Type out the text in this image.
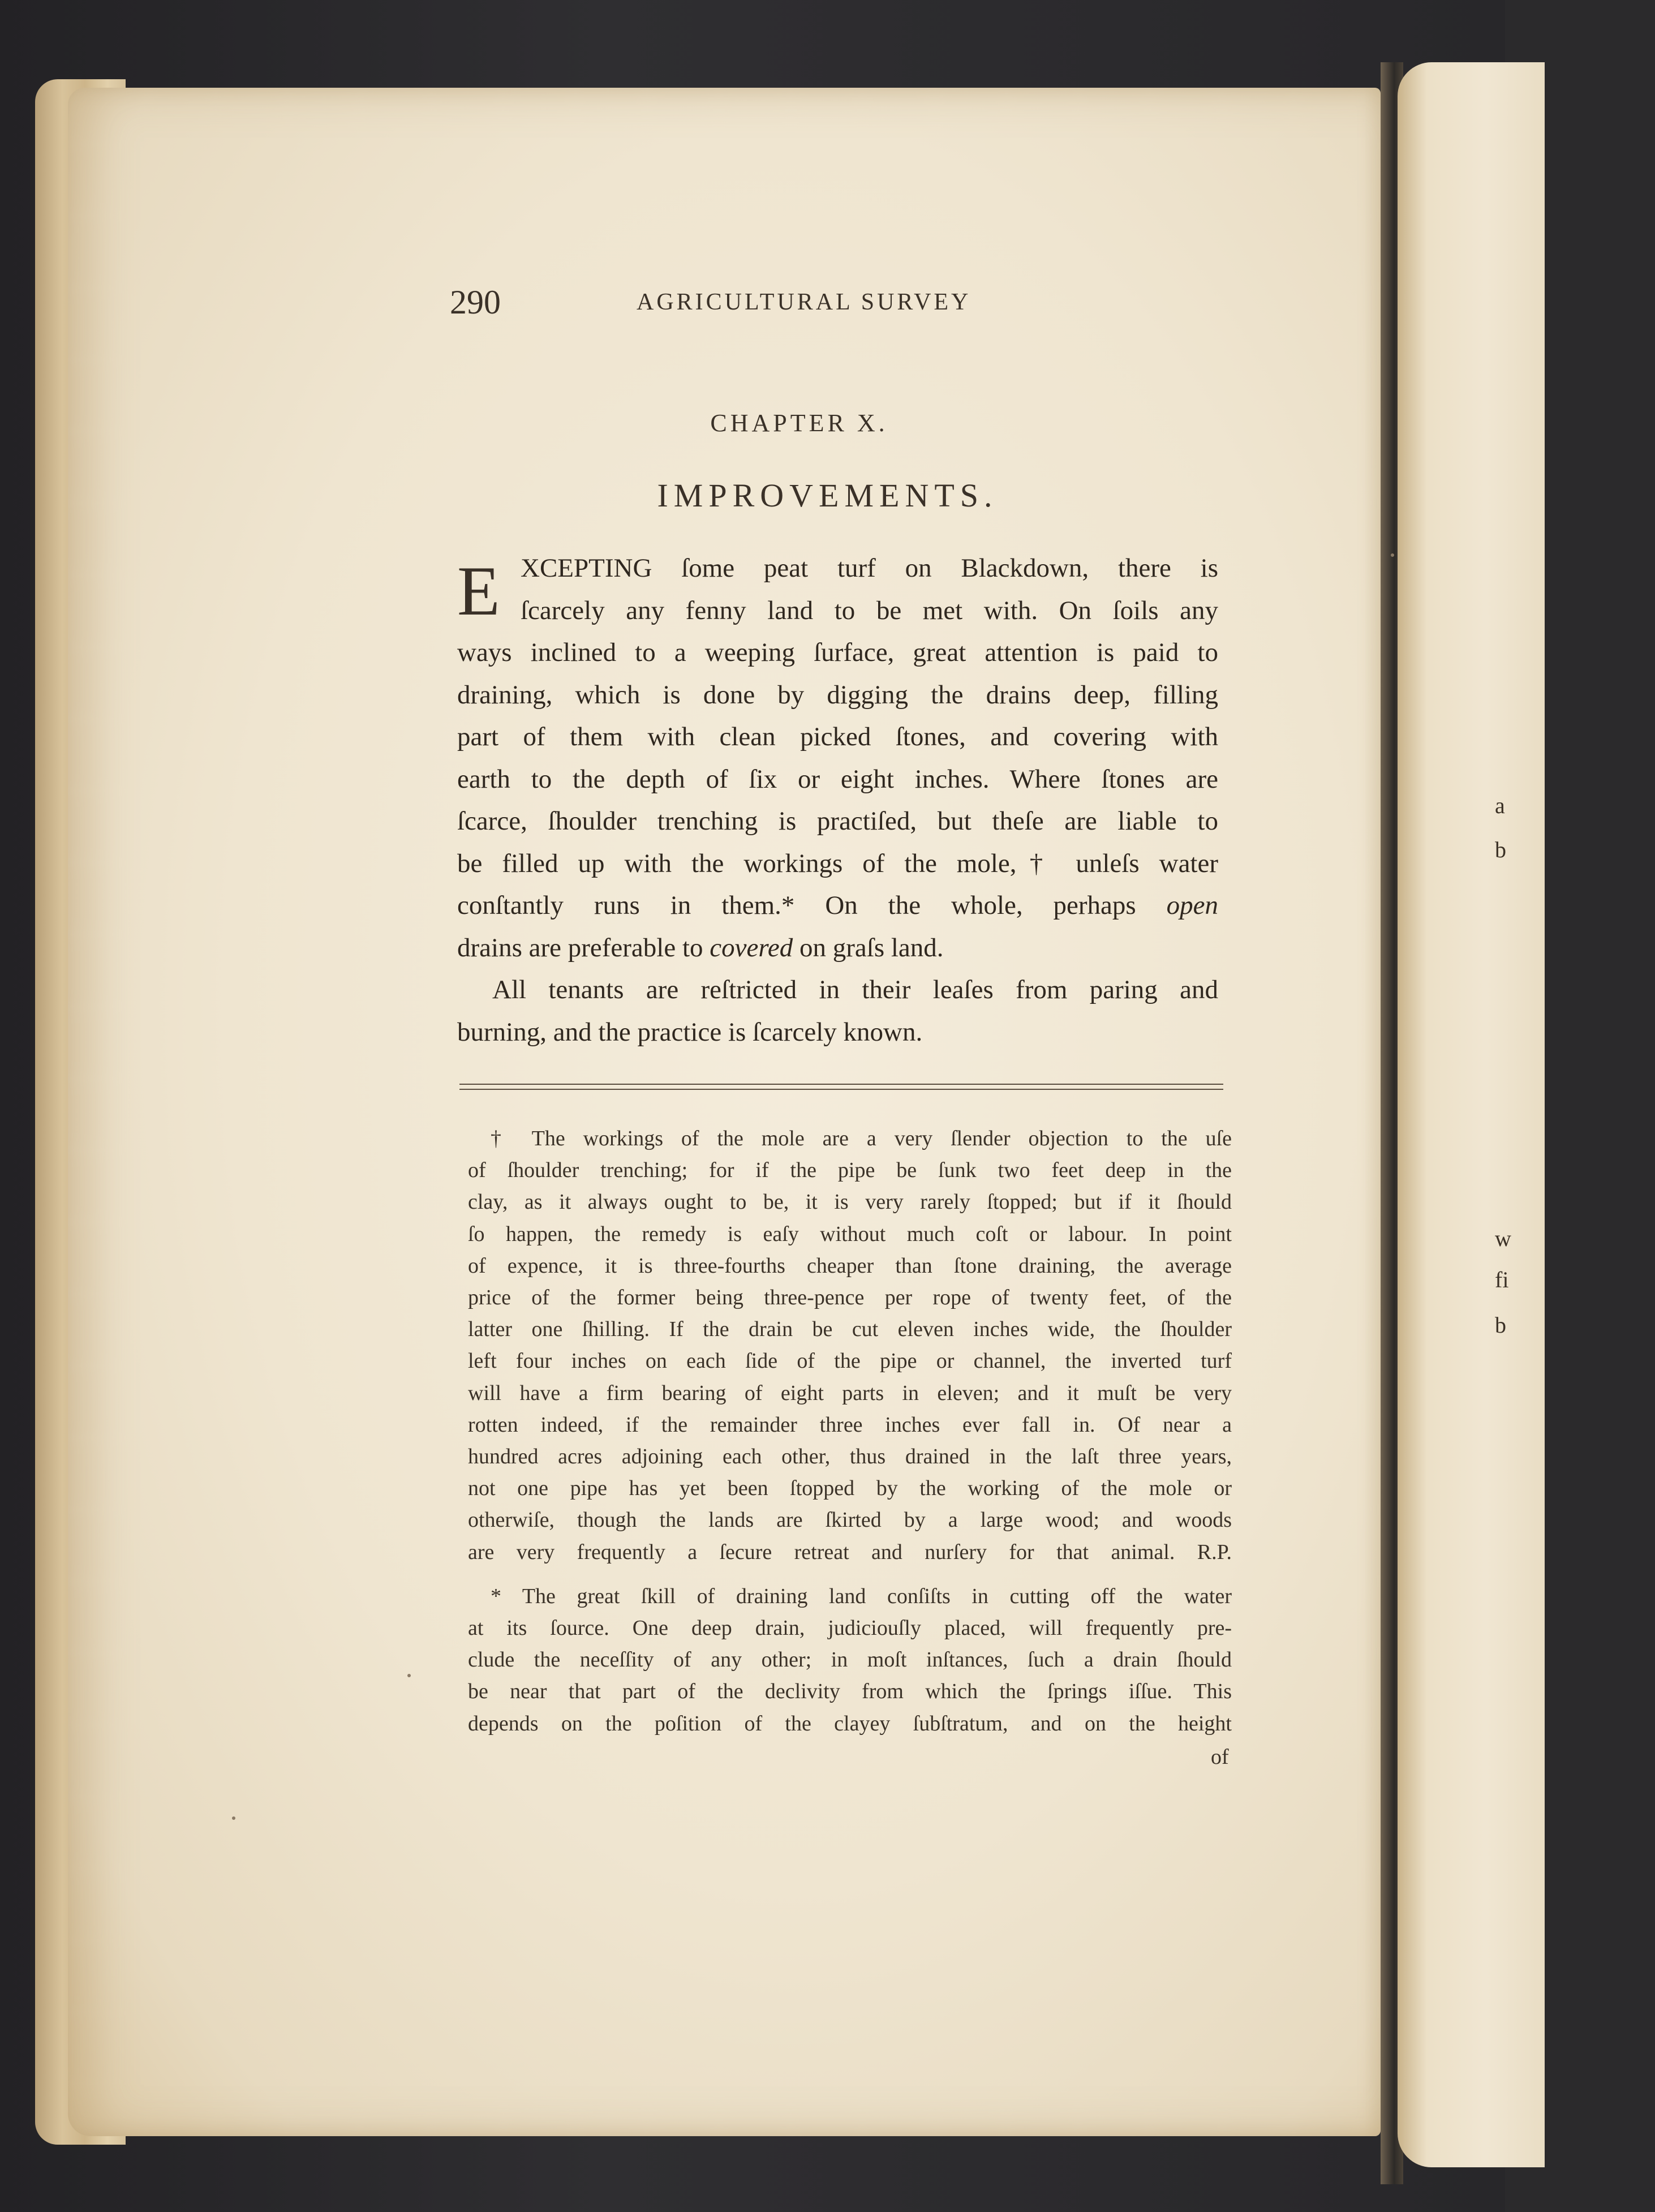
a
b
w
fi
b
290	AGRICULTURAL SURVEY
CHAPTER X.
IMPROVEMENTS.
E XCEPTING ſome peat turf on Blackdown, there is
ſcarcely any fenny land to be met with. On ſoils any
ways inclined to a weeping ſurface, great attention is paid to
draining, which is done by digging the drains deep, filling
part of them with clean picked ſtones, and covering with
earth to the depth of ſix or eight inches. Where ſtones are
ſcarce, ſhoulder trenching is practiſed, but theſe are liable to
be filled up with the workings of the mole,† unleſs water
conſtantly runs in them.* On the whole, perhaps open
drains are preferable to covered on graſs land.
All tenants are reſtricted in their leaſes from paring and
burning, and the practice is ſcarcely known.
† The workings of the mole are a very ſlender objection to the uſe
of ſhoulder trenching; for if the pipe be ſunk two feet deep in the
clay, as it always ought to be, it is very rarely ſtopped; but if it ſhould
ſo happen, the remedy is eaſy without much coſt or labour. In point
of expence, it is three-fourths cheaper than ſtone draining, the average
price of the former being three-pence per rope of twenty feet, of the
latter one ſhilling. If the drain be cut eleven inches wide, the ſhoulder
left four inches on each ſide of the pipe or channel, the inverted turf
will have a firm bearing of eight parts in eleven; and it muſt be very
rotten indeed, if the remainder three inches ever fall in. Of near a
hundred acres adjoining each other, thus drained in the laſt three years,
not one pipe has yet been ſtopped by the working of the mole or
otherwiſe, though the lands are ſkirted by a large wood; and woods
are very frequently a ſecure retreat and nurſery for that animal. R.P.
* The great ſkill of draining land conſiſts in cutting off the water
at its ſource. One deep drain, judiciouſly placed, will frequently pre-
clude the neceſſity of any other; in moſt inſtances, ſuch a drain ſhould
be near that part of the declivity from which the ſprings iſſue. This
depends on the poſition of the clayey ſubſtratum, and on the height
of
